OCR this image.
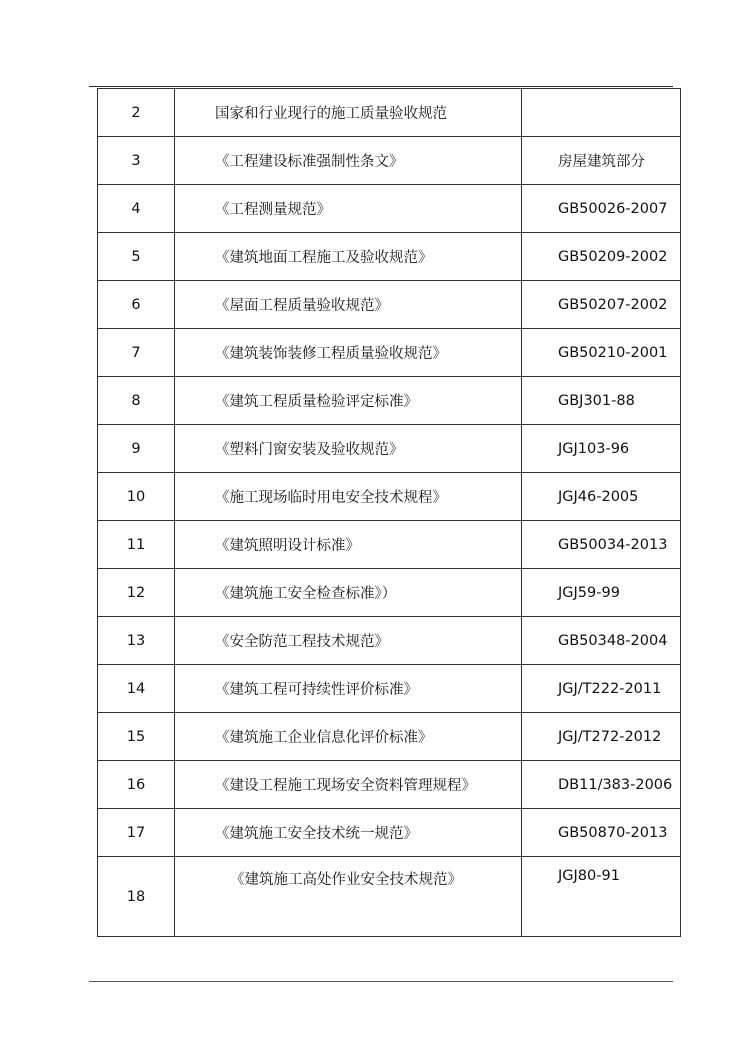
2	国家和行业现行的施工质量验收规范	
3	《工程建设标准强制性条文》	房屋建筑部分
4	《工程测量规范》	GB50026-2007
5	《建筑地面工程施工及验收规范》	GB50209-2002
6	《屋面工程质量验收规范》	GB50207-2002
7	《建筑装饰装修工程质量验收规范》	GB50210-2001
8	《建筑工程质量检验评定标准》	GBJ301-88
9	《塑料门窗安装及验收规范》	JGJ103-96
10	《施工现场临时用电安全技术规程》	JGJ46-2005
11	《建筑照明设计标准》	GB50034-2013
12	《建筑施工安全检查标准》）	JGJ59-99
13	《安全防范工程技术规范》	GB50348-2004
14	《建筑工程可持续性评价标准》	JGJ/T222-2011
15	《建筑施工企业信息化评价标准》	JGJ/T272-2012
16	《建设工程施工现场安全资料管理规程》	DB11/383-2006
17	《建筑施工安全技术统一规范》	GB50870-2013
18	《建筑施工高处作业安全技术规范》	JGJ80-91
